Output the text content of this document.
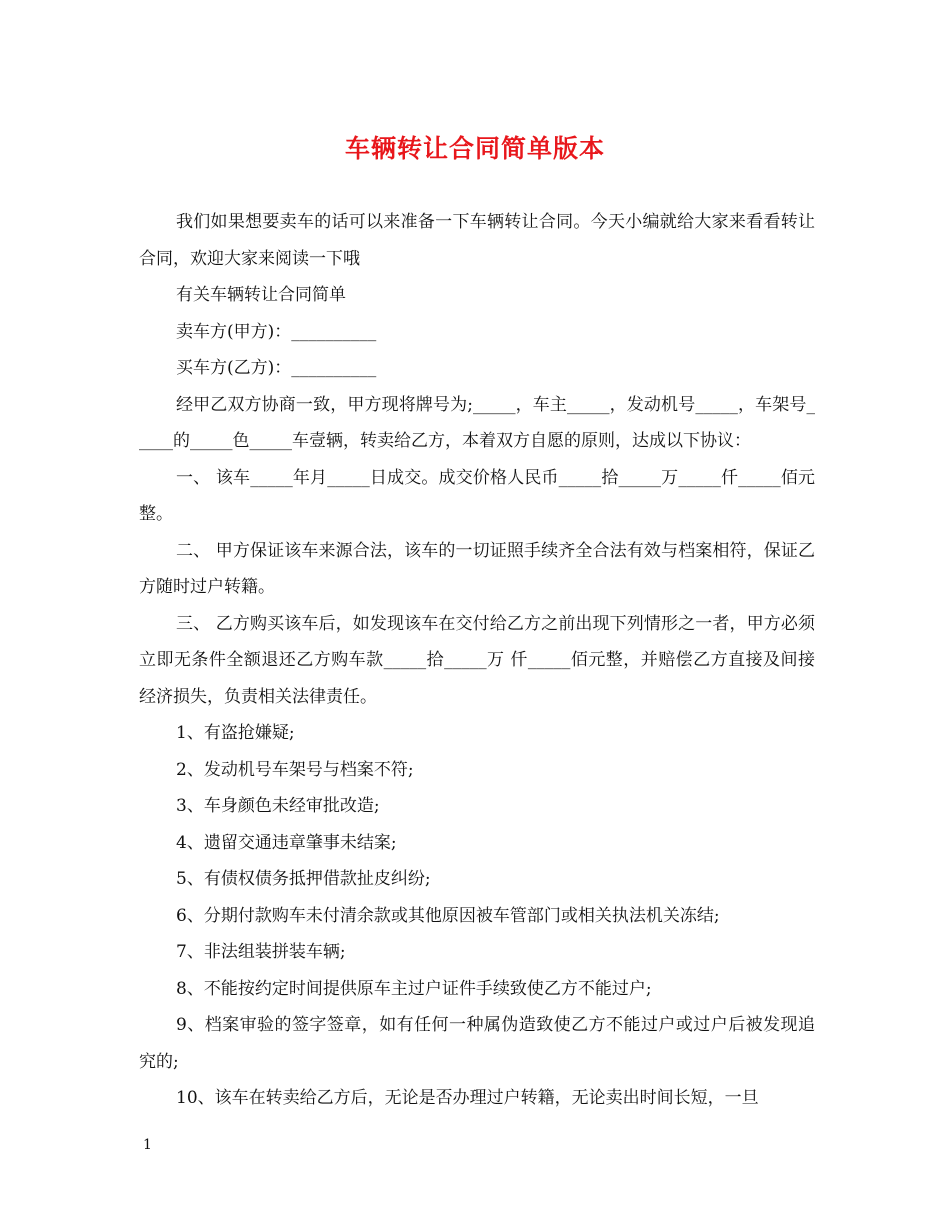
车辆转让合同简单版本

我们如果想要卖车的话可以来准备一下车辆转让合同。今天小编就给大家来看看转让合同，欢迎大家来阅读一下哦

有关车辆转让合同简单

卖车方(甲方)：__________

买车方(乙方)：__________

经甲乙双方协商一致，甲方现将牌号为;_____，车主_____，发动机号_____，车架号_____的_____色_____车壹辆，转卖给乙方，本着双方自愿的原则，达成以下协议：

一、 该车_____年月_____日成交。成交价格人民币_____拾_____万_____仟_____佰元整。

二、 甲方保证该车来源合法，该车的一切证照手续齐全合法有效与档案相符，保证乙方随时过户转籍。

三、 乙方购买该车后，如发现该车在交付给乙方之前出现下列情形之一者，甲方必须立即无条件全额退还乙方购车款_____拾_____万 仟_____佰元整，并赔偿乙方直接及间接经济损失，负责相关法律责任。

1、有盗抢嫌疑;

2、发动机号车架号与档案不符;

3、车身颜色未经审批改造;

4、遗留交通违章肇事未结案;

5、有债权债务抵押借款扯皮纠纷;

6、分期付款购车未付清余款或其他原因被车管部门或相关执法机关冻结;

7、非法组装拼装车辆;

8、不能按约定时间提供原车主过户证件手续致使乙方不能过户;

9、档案审验的签字签章，如有任何一种属伪造致使乙方不能过户或过户后被发现追究的;

10、该车在转卖给乙方后，无论是否办理过户转籍，无论卖出时间长短，一旦

1
